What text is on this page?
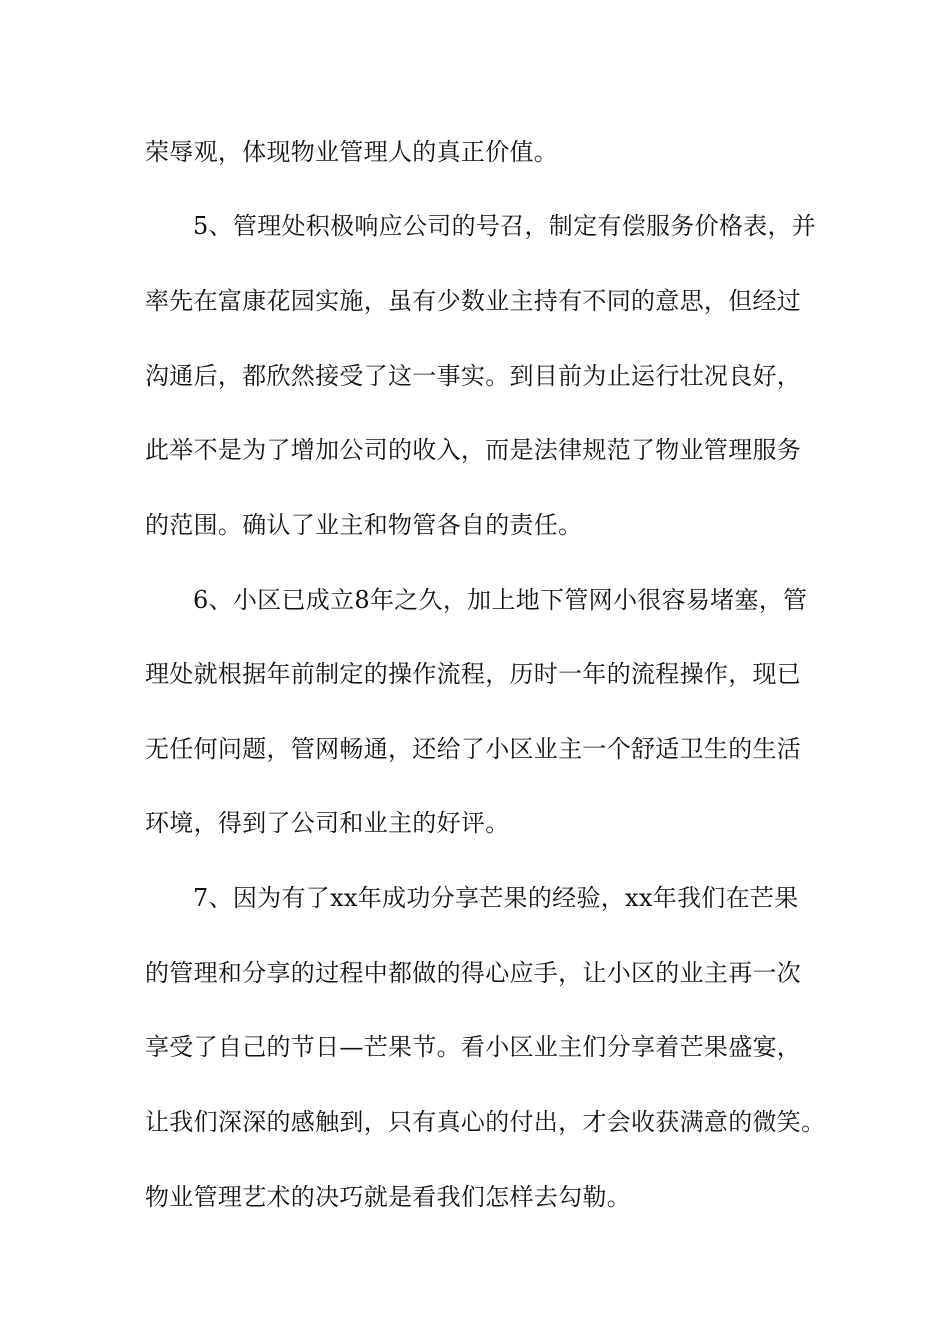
荣辱观，体现物业管理人的真正价值。
5、管理处积极响应公司的号召，制定有偿服务价格表，并
率先在富康花园实施，虽有少数业主持有不同的意思，但经过
沟通后，都欣然接受了这一事实。到目前为止运行壮况良好，
此举不是为了增加公司的收入，而是法律规范了物业管理服务
的范围。确认了业主和物管各自的责任。
6、小区已成立8年之久，加上地下管网小很容易堵塞，管
理处就根据年前制定的操作流程，历时一年的流程操作，现已
无任何问题，管网畅通，还给了小区业主一个舒适卫生的生活
环境，得到了公司和业主的好评。
7、因为有了xx年成功分享芒果的经验，xx年我们在芒果
的管理和分享的过程中都做的得心应手，让小区的业主再一次
享受了自己的节日—芒果节。看小区业主们分享着芒果盛宴，
让我们深深的感触到，只有真心的付出，才会收获满意的微笑。
物业管理艺术的决巧就是看我们怎样去勾勒。
